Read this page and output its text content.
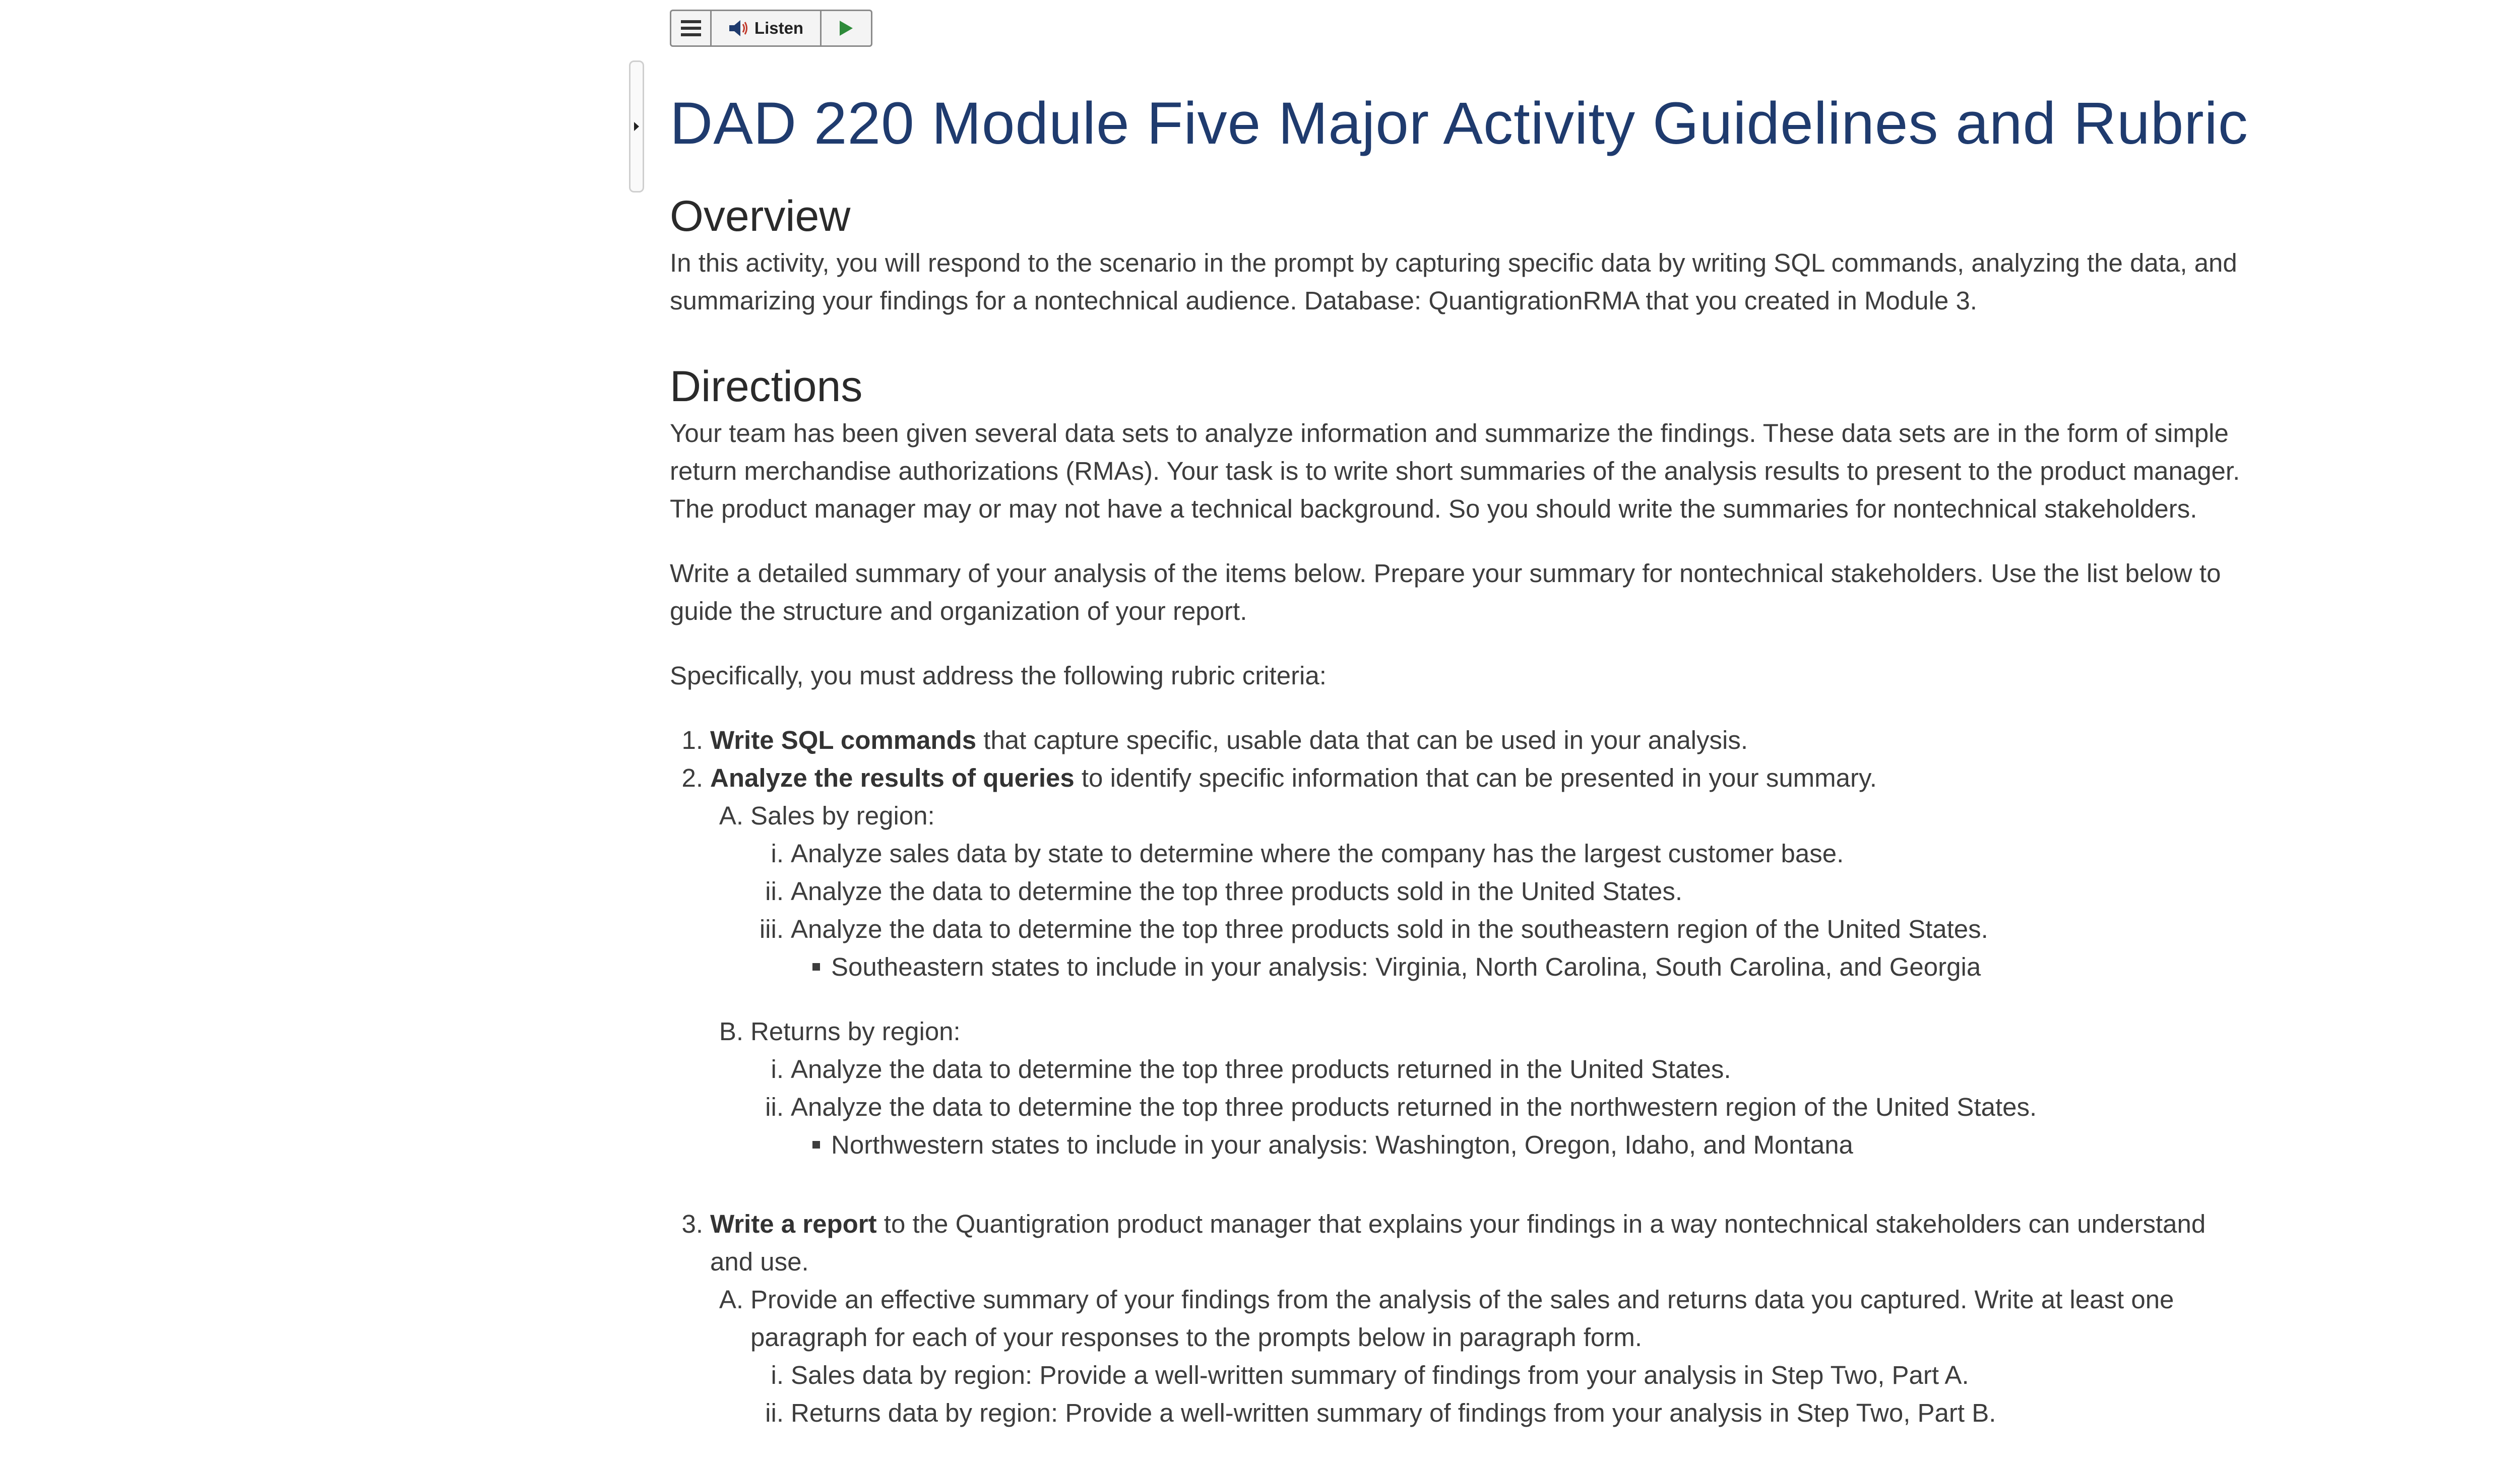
Listen
DAD 220 Module Five Major Activity Guidelines and Rubric
Overview

In this activity, you will respond to the scenario in the prompt by capturing specific data by writing SQL commands, analyzing the data, and summarizing your findings for a nontechnical audience. Database: QuantigrationRMA that you created in Module 3.

Directions

Your team has been given several data sets to analyze information and summarize the findings. These data sets are in the form of simple return merchandise authorizations (RMAs). Your task is to write short summaries of the analysis results to present to the product manager. The product manager may or may not have a technical background. So you should write the summaries for nontechnical stakeholders.

Write a detailed summary of your analysis of the items below. Prepare your summary for nontechnical stakeholders. Use the list below to guide the structure and organization of your report.

Specifically, you must address the following rubric criteria:

1. Write SQL commands that capture specific, usable data that can be used in your analysis.
2. Analyze the results of queries to identify specific information that can be presented in your summary.
A. Sales by region:
i. Analyze sales data by state to determine where the company has the largest customer base.
ii. Analyze the data to determine the top three products sold in the United States.
iii. Analyze the data to determine the top three products sold in the southeastern region of the United States.
Southeastern states to include in your analysis: Virginia, North Carolina, South Carolina, and Georgia
B. Returns by region:
i. Analyze the data to determine the top three products returned in the United States.
ii. Analyze the data to determine the top three products returned in the northwestern region of the United States.
Northwestern states to include in your analysis: Washington, Oregon, Idaho, and Montana
3. Write a report to the Quantigration product manager that explains your findings in a way nontechnical stakeholders can understand and use.
A. Provide an effective summary of your findings from the analysis of the sales and returns data you captured. Write at least one paragraph for each of your responses to the prompts below in paragraph form.
i. Sales data by region: Provide a well-written summary of findings from your analysis in Step Two, Part A.
ii. Returns data by region: Provide a well-written summary of findings from your analysis in Step Two, Part B.
